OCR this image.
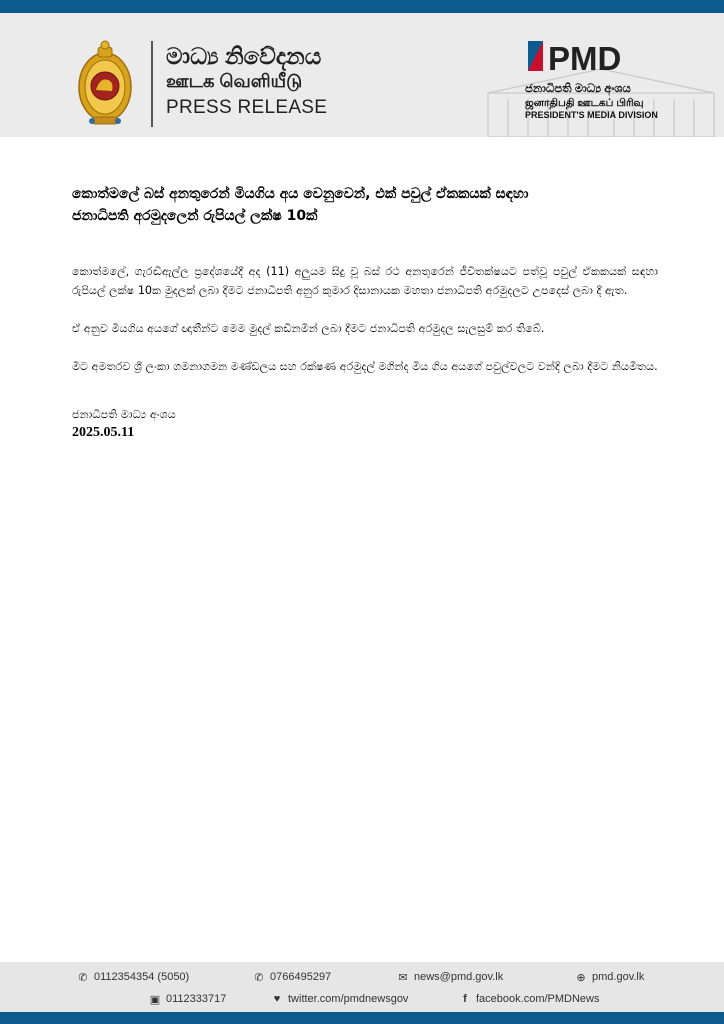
මාධ්‍ය නිවේදනය
ஊடக வெளியீடு
PRESS RELEASE
PMD
ජනාධිපති මාධ්‍ය අංශය
ஜனாதிபதி ஊடகப் பிரிவு
PRESIDENT'S MEDIA DIVISION
කොත්මලේ බස් අනතුරෙන් මියගිය අය වෙනුවෙන්, එක් පවුල් ඒකකයක් සඳහා
ජනාධිපති අරමුදලෙන් රුපියල් ලක්ෂ 10ක්

කොත්මලේ, ගැරඬිඇල්ල ප්‍රදේශයේදී අද (11) අලුයම සිදු වූ බස් රථ අනතුරෙන් ජීවිතක්ෂයට පත්වූ පවුල් ඒකකයක් සඳහා රුපියල් ලක්ෂ 10ක මුදලක් ලබා දීමට ජනාධිපති අනුර කුමාර දිසානායක මහතා ජනාධිපති අරමුදලට උපදෙස් ලබා දී ඇත.

ඒ අනුව මියගිය අයගේ ඥාතීන්ට මෙම මුදල් කඩිනමින් ලබා දීමට ජනාධිපති අරමුදල සැලසුම් කර තිබේ.

මීට අමතරව ශ්‍රී ලංකා ගමනාගමන මණ්ඩලය සහ රක්ෂණ අරමුදල් මගින්ද මිය ගිය අයගේ පවුල්වලට වන්දි ලබා දීමට නියමිතය.

ජනාධිපති මාධ්‍ය අංශය
2025.05.11
✆ 0112354354 (5050)	✆ 0766495297	✉ news@pmd.gov.lk	⊕ pmd.gov.lk
▣ 0112333717	♥ twitter.com/pmdnewsgov	f facebook.com/PMDNews
